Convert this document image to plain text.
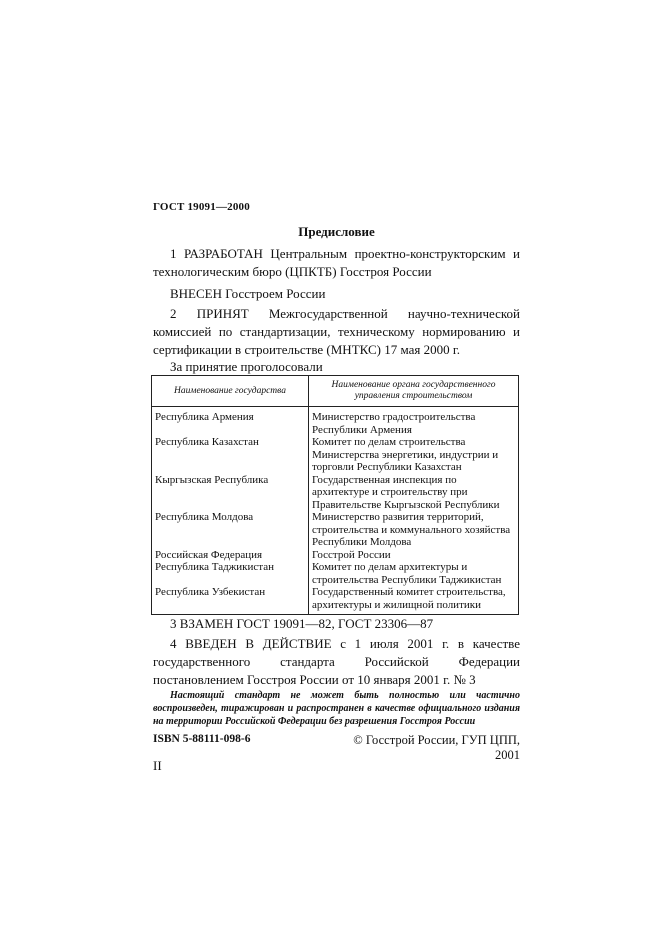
ГОСТ 19091—2000
Предисловие

1 РАЗРАБОТАН Центральным проектно-конструкторским и технологическим бюро (ЦПКТБ) Госстроя России

ВНЕСЕН Госстроем России

2 ПРИНЯТ Межгосударственной научно-технической комиссией по стандартизации, техническому нормированию и сертификации в строительстве (МНТКС) 17 мая 2000 г.

За принятие проголосовали
Наименование государства	Наименование органа государственного управления строительством
Республика Армения	Министерство градостроительства Республики Армения
Республика Казахстан	Комитет по делам строительства Министерства энергетики, индустрии и торговли Республики Казахстан
Кыргызская Республика	Государственная инспекция по архитектуре и строительству при Правительстве Кыргызской Республики
Республика Молдова	Министерство развития территорий, строительства и коммунального хозяйства Республики Молдова
Российская Федерация	Госстрой России
Республика Таджикистан	Комитет по делам архитектуры и строительства Республики Таджикистан
Республика Узбекистан	Государственный комитет строительства, архитектуры и жилищной политики

3 ВЗАМЕН ГОСТ 19091—82, ГОСТ 23306—87

4 ВВЕДЕН В ДЕЙСТВИЕ с 1 июля 2001 г. в качестве государственного стандарта Российской Федерации постановлением Госстроя России от 10 января 2001 г. № 3

Настоящий стандарт не может быть полностью или частично воспроизведен, тиражирован и распространен в качестве официального издания на территории Российской Федерации без разрешения Госстроя России

ISBN 5-88111-098-6	© Госстрой России, ГУП ЦПП, 2001
II
